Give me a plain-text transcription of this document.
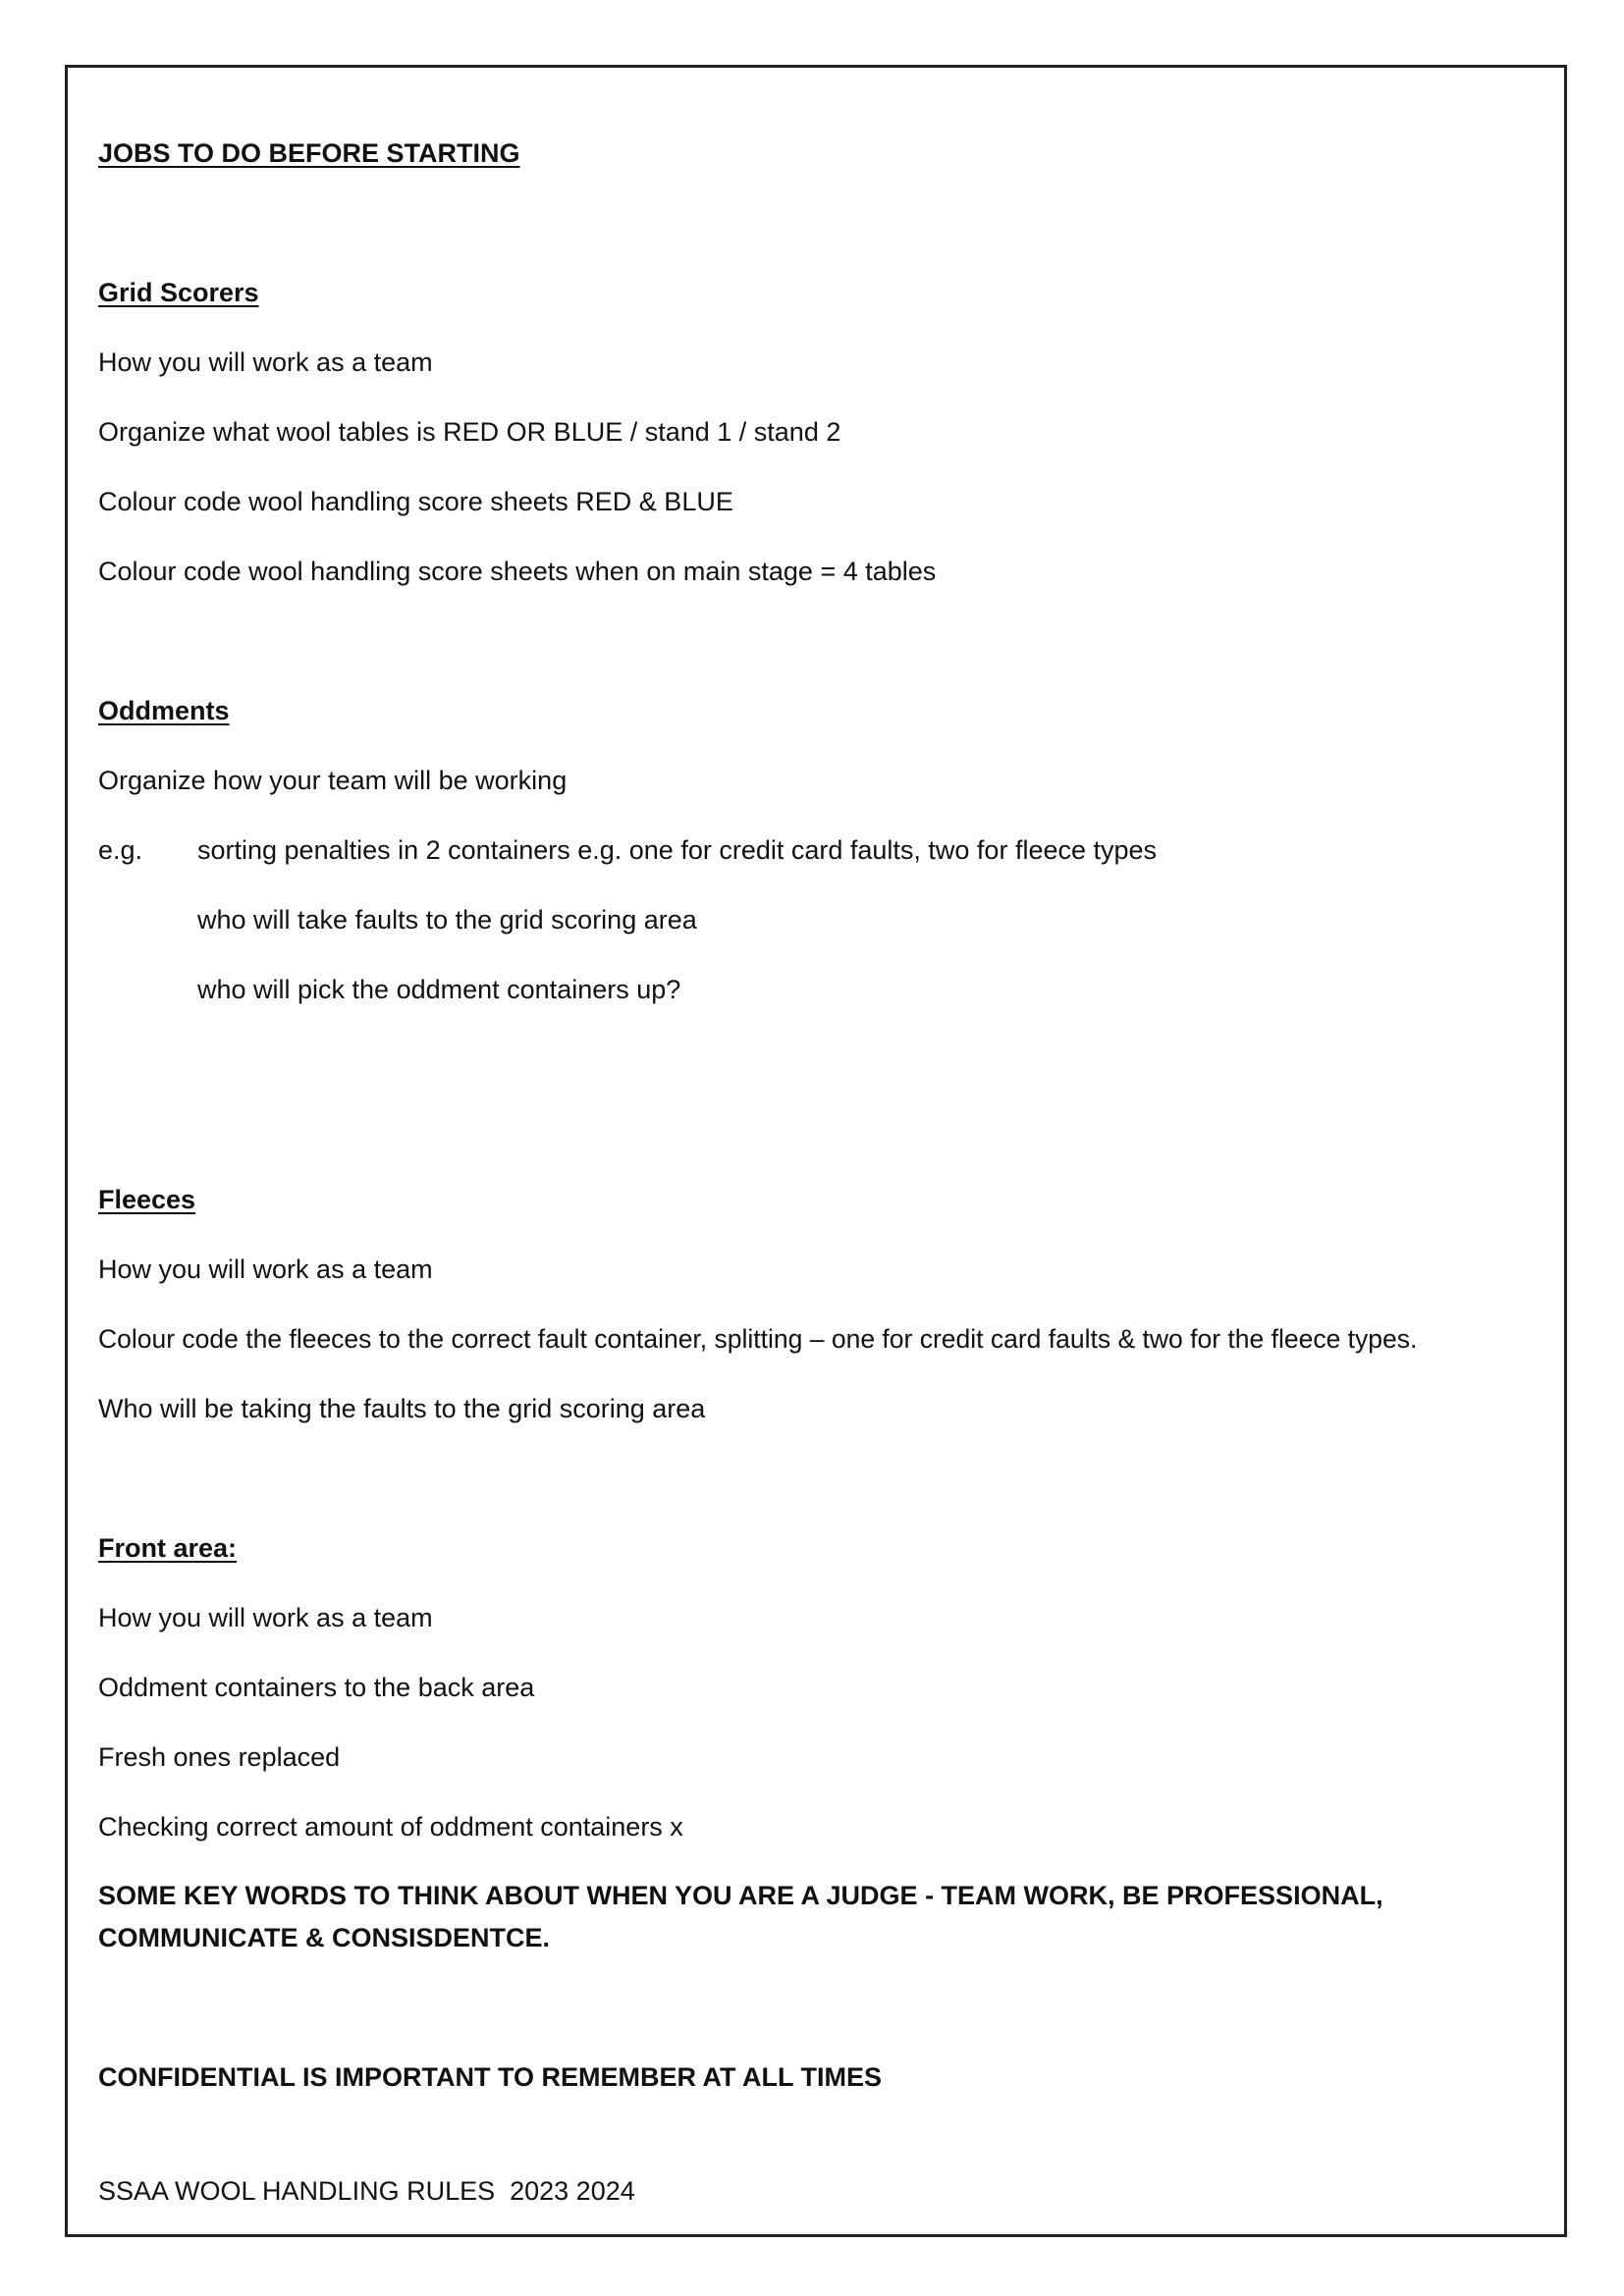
JOBS TO DO BEFORE STARTING
Grid Scorers
How you will work as a team
Organize what wool tables is RED OR BLUE / stand 1 / stand 2
Colour code wool handling score sheets RED & BLUE
Colour code wool handling score sheets when on main stage = 4 tables
Oddments
Organize how your team will be working
e.g. sorting penalties in 2 containers e.g. one for credit card faults, two for fleece types
who will take faults to the grid scoring area
who will pick the oddment containers up?
Fleeces
How you will work as a team
Colour code the fleeces to the correct fault container, splitting – one for credit card faults & two for the fleece types.
Who will be taking the faults to the grid scoring area
Front area:
How you will work as a team
Oddment containers to the back area
Fresh ones replaced
Checking correct amount of oddment containers x
SOME KEY WORDS TO THINK ABOUT WHEN YOU ARE A JUDGE - TEAM WORK, BE PROFESSIONAL, COMMUNICATE & CONSISDENTCE.
CONFIDENTIAL IS IMPORTANT TO REMEMBER AT ALL TIMES
SSAA WOOL HANDLING RULES  2023 2024
